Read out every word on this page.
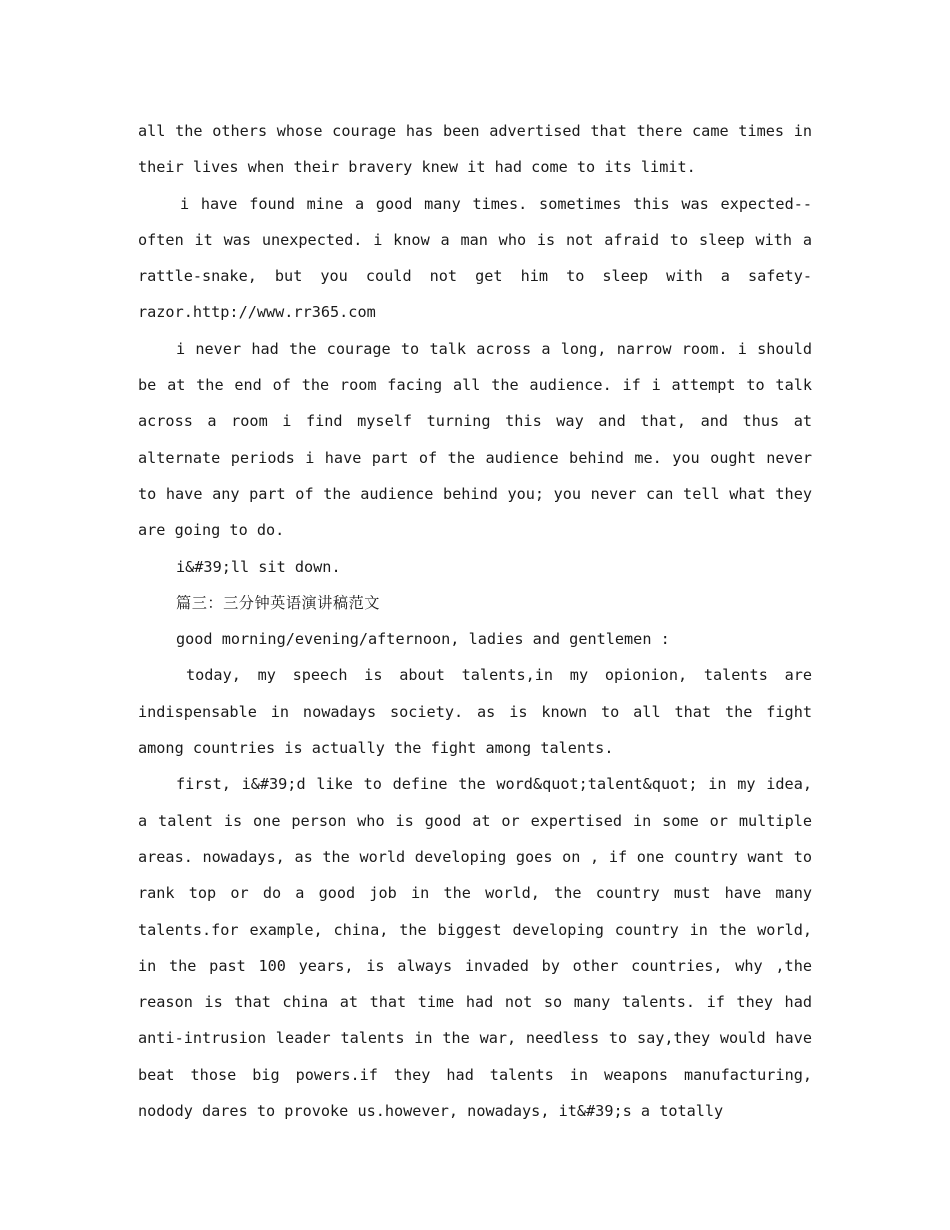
all the others whose courage has been advertised that there came times in their lives when their bravery knew it had come to its limit.

i have found mine a good many times. sometimes this was expected--often it was unexpected. i know a man who is not afraid to sleep with a rattle-snake, but you could not get him to sleep with a safety-razor.http://www.rr365.com

i never had the courage to talk across a long, narrow room. i should be at the end of the room facing all the audience. if i attempt to talk across a room i find myself turning this way and that, and thus at alternate periods i have part of the audience behind me. you ought never to have any part of the audience behind you; you never can tell what they are going to do.

i&#39;ll sit down.

篇三：三分钟英语演讲稿范文

good morning/evening/afternoon, ladies and gentlemen :

today, my speech is about talents,in my opionion, talents are indispensable in nowadays society. as is known to all that the fight among countries is actually the fight among talents.

first, i&#39;d like to define the word&quot;talent&quot; in my idea, a talent is one person who is good at or expertised in some or multiple areas. nowadays, as the world developing goes on , if one country want to rank top or do a good job in the world, the country must have many talents.for example, china, the biggest developing country in the world, in the past 100 years, is always invaded by other countries, why ,the reason is that china at that time had not so many talents. if they had anti-intrusion leader talents in the war, needless to say,they would have beat those big powers.if they had talents in weapons manufacturing, nodody dares to provoke us.however, nowadays, it&#39;s a totally
